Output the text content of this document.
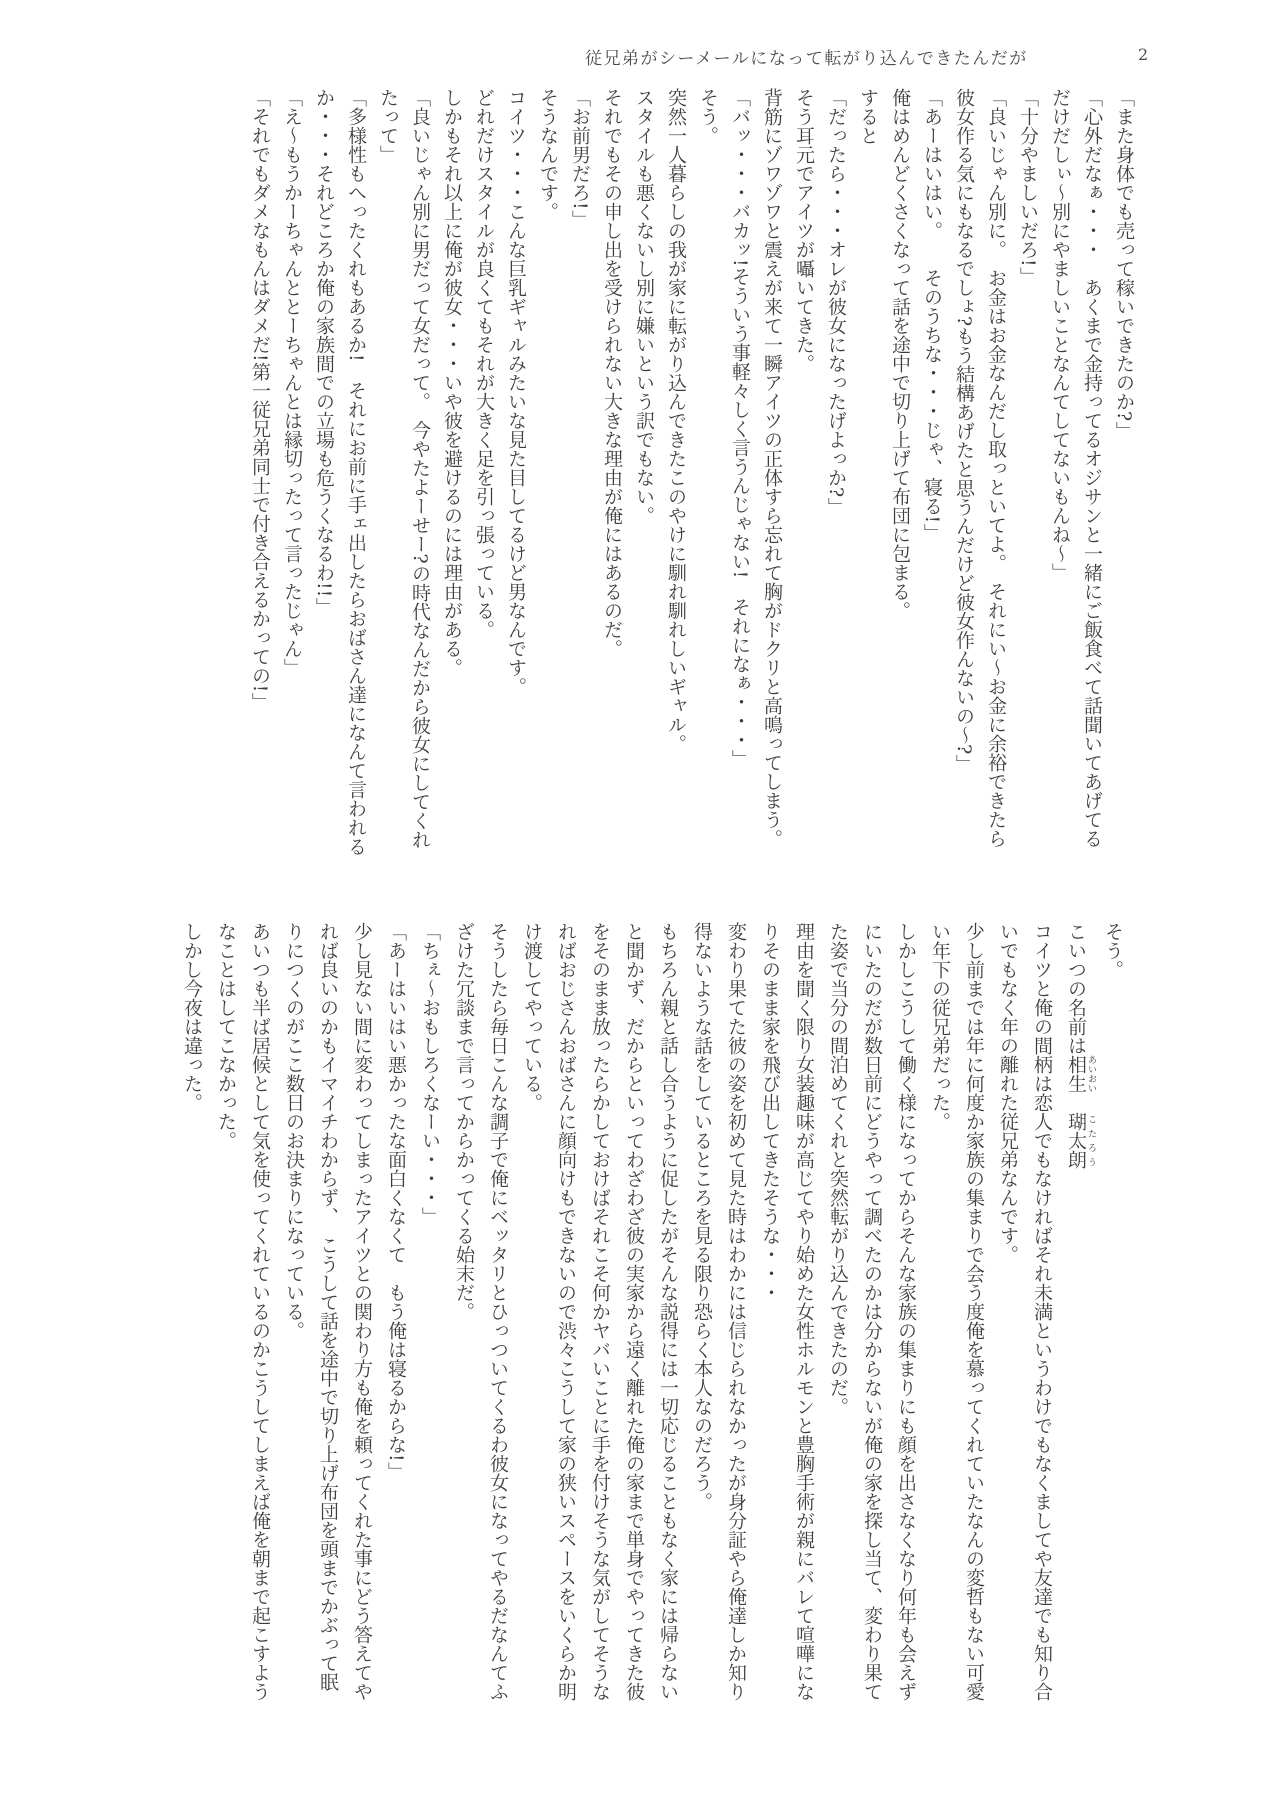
従兄弟がシーメールになって転がり込んできたんだが	2

「また身体でも売って稼いできたのか?」

「心外だなぁ・・・　あくまで金持ってるオジサンと一緒にご飯食べて話聞いてあげてるだけだしぃ〜別にやましいことなんてしてないもんね〜」

「十分やましいだろ!」

「良いじゃん別に。　お金はお金なんだし取っといてよ。　それにい〜お金に余裕できたら彼女作る気にもなるでしょ?もう結構あげたと思うんだけど彼女作んないの〜?」

「あーはいはい。　　そのうちな・・・じゃ、寝る!」

俺はめんどくさくなって話を途中で切り上げて布団に包まる。

すると

「だったら・・・オレが彼女になったげよっか?」

そう耳元でアイツが囁いてきた。

背筋にゾワゾワと震えが来て一瞬アイツの正体すら忘れて胸がドクリと高鳴ってしまう。

「バッ・・・バカッ!そういう事軽々しく言うんじゃない!　それになぁ・・・」

そう。

突然一人暮らしの我が家に転がり込んできたこのやけに馴れ馴れしいギャル。

スタイルも悪くないし別に嫌いという訳でもない。

それでもその申し出を受けられない大きな理由が俺にはあるのだ。

「お前男だろ!」

そうなんです。

コイツ・・・こんな巨乳ギャルみたいな見た目してるけど男なんです。

どれだけスタイルが良くてもそれが大きく足を引っ張っている。

しかもそれ以上に俺が彼女・・・いや彼を避けるのには理由がある。

「良いじゃん別に男だって女だって。　今やたよーせー?の時代なんだから彼女にしてくれたって」

「多様性もへったくれもあるか!　それにお前に手ェ出したらおばさん達になんて言われるか・・・それどころか俺の家族間での立場も危うくなるわ!!」

「え〜もうかーちゃんととーちゃんとは縁切ったって言ったじゃん」

「それでもダメなもんはダメだ!第一従兄弟同士で付き合えるかっての!」

そう。

こいつの名前は相生 あいおい　瑚太朗 こたろう

コイツと俺の間柄は恋人でもなければそれ未満というわけでもなくましてや友達でも知り合いでもなく年の離れた従兄弟なんです。

少し前までは年に何度か家族の集まりで会う度俺を慕ってくれていたなんの変哲もない可愛い年下の従兄弟だった。

しかしこうして働く様になってからそんな家族の集まりにも顔を出さなくなり何年も会えずにいたのだが数日前にどうやって調べたのかは分からないが俺の家を探し当て、変わり果てた姿で当分の間泊めてくれと突然転がり込んできたのだ。

理由を聞く限り女装趣味が高じてやり始めた女性ホルモンと豊胸手術が親にバレて喧嘩になりそのまま家を飛び出してきたそうな・・・

変わり果てた彼の姿を初めて見た時はわかには信じられなかったが身分証やら俺達しか知り得ないような話をしているところを見る限り恐らく本人なのだろう。

もちろん親と話し合うように促したがそんな説得には一切応じることもなく家には帰らないと聞かず、だからといってわざわざ彼の実家から遠く離れた俺の家まで単身でやってきた彼をそのまま放ったらかしておけばそれこそ何かヤバいことに手を付けそうな気がしてそうなればおじさんおばさんに顔向けもできないので渋々こうして家の狭いスペースをいくらか明け渡してやっている。

そうしたら毎日こんな調子で俺にベッタリとひっついてくるわ彼女になってやるだなんてふざけた冗談まで言ってからかってくる始末だ。

「ちぇ〜おもしろくなーい・・・」

「あーはいはい悪かったな面白くなくて　もう俺は寝るからな!」

少し見ない間に変わってしまったアイツとの関わり方も俺を頼ってくれた事にどう答えてやれば良いのかもイマイチわからず、　こうして話を途中で切り上げ布団を頭までかぶって眠りにつくのがここ数日のお決まりになっている。

あいつも半ば居候として気を使ってくれているのかこうしてしまえば俺を朝まで起こすようなことはしてこなかった。

しかし今夜は違った。
